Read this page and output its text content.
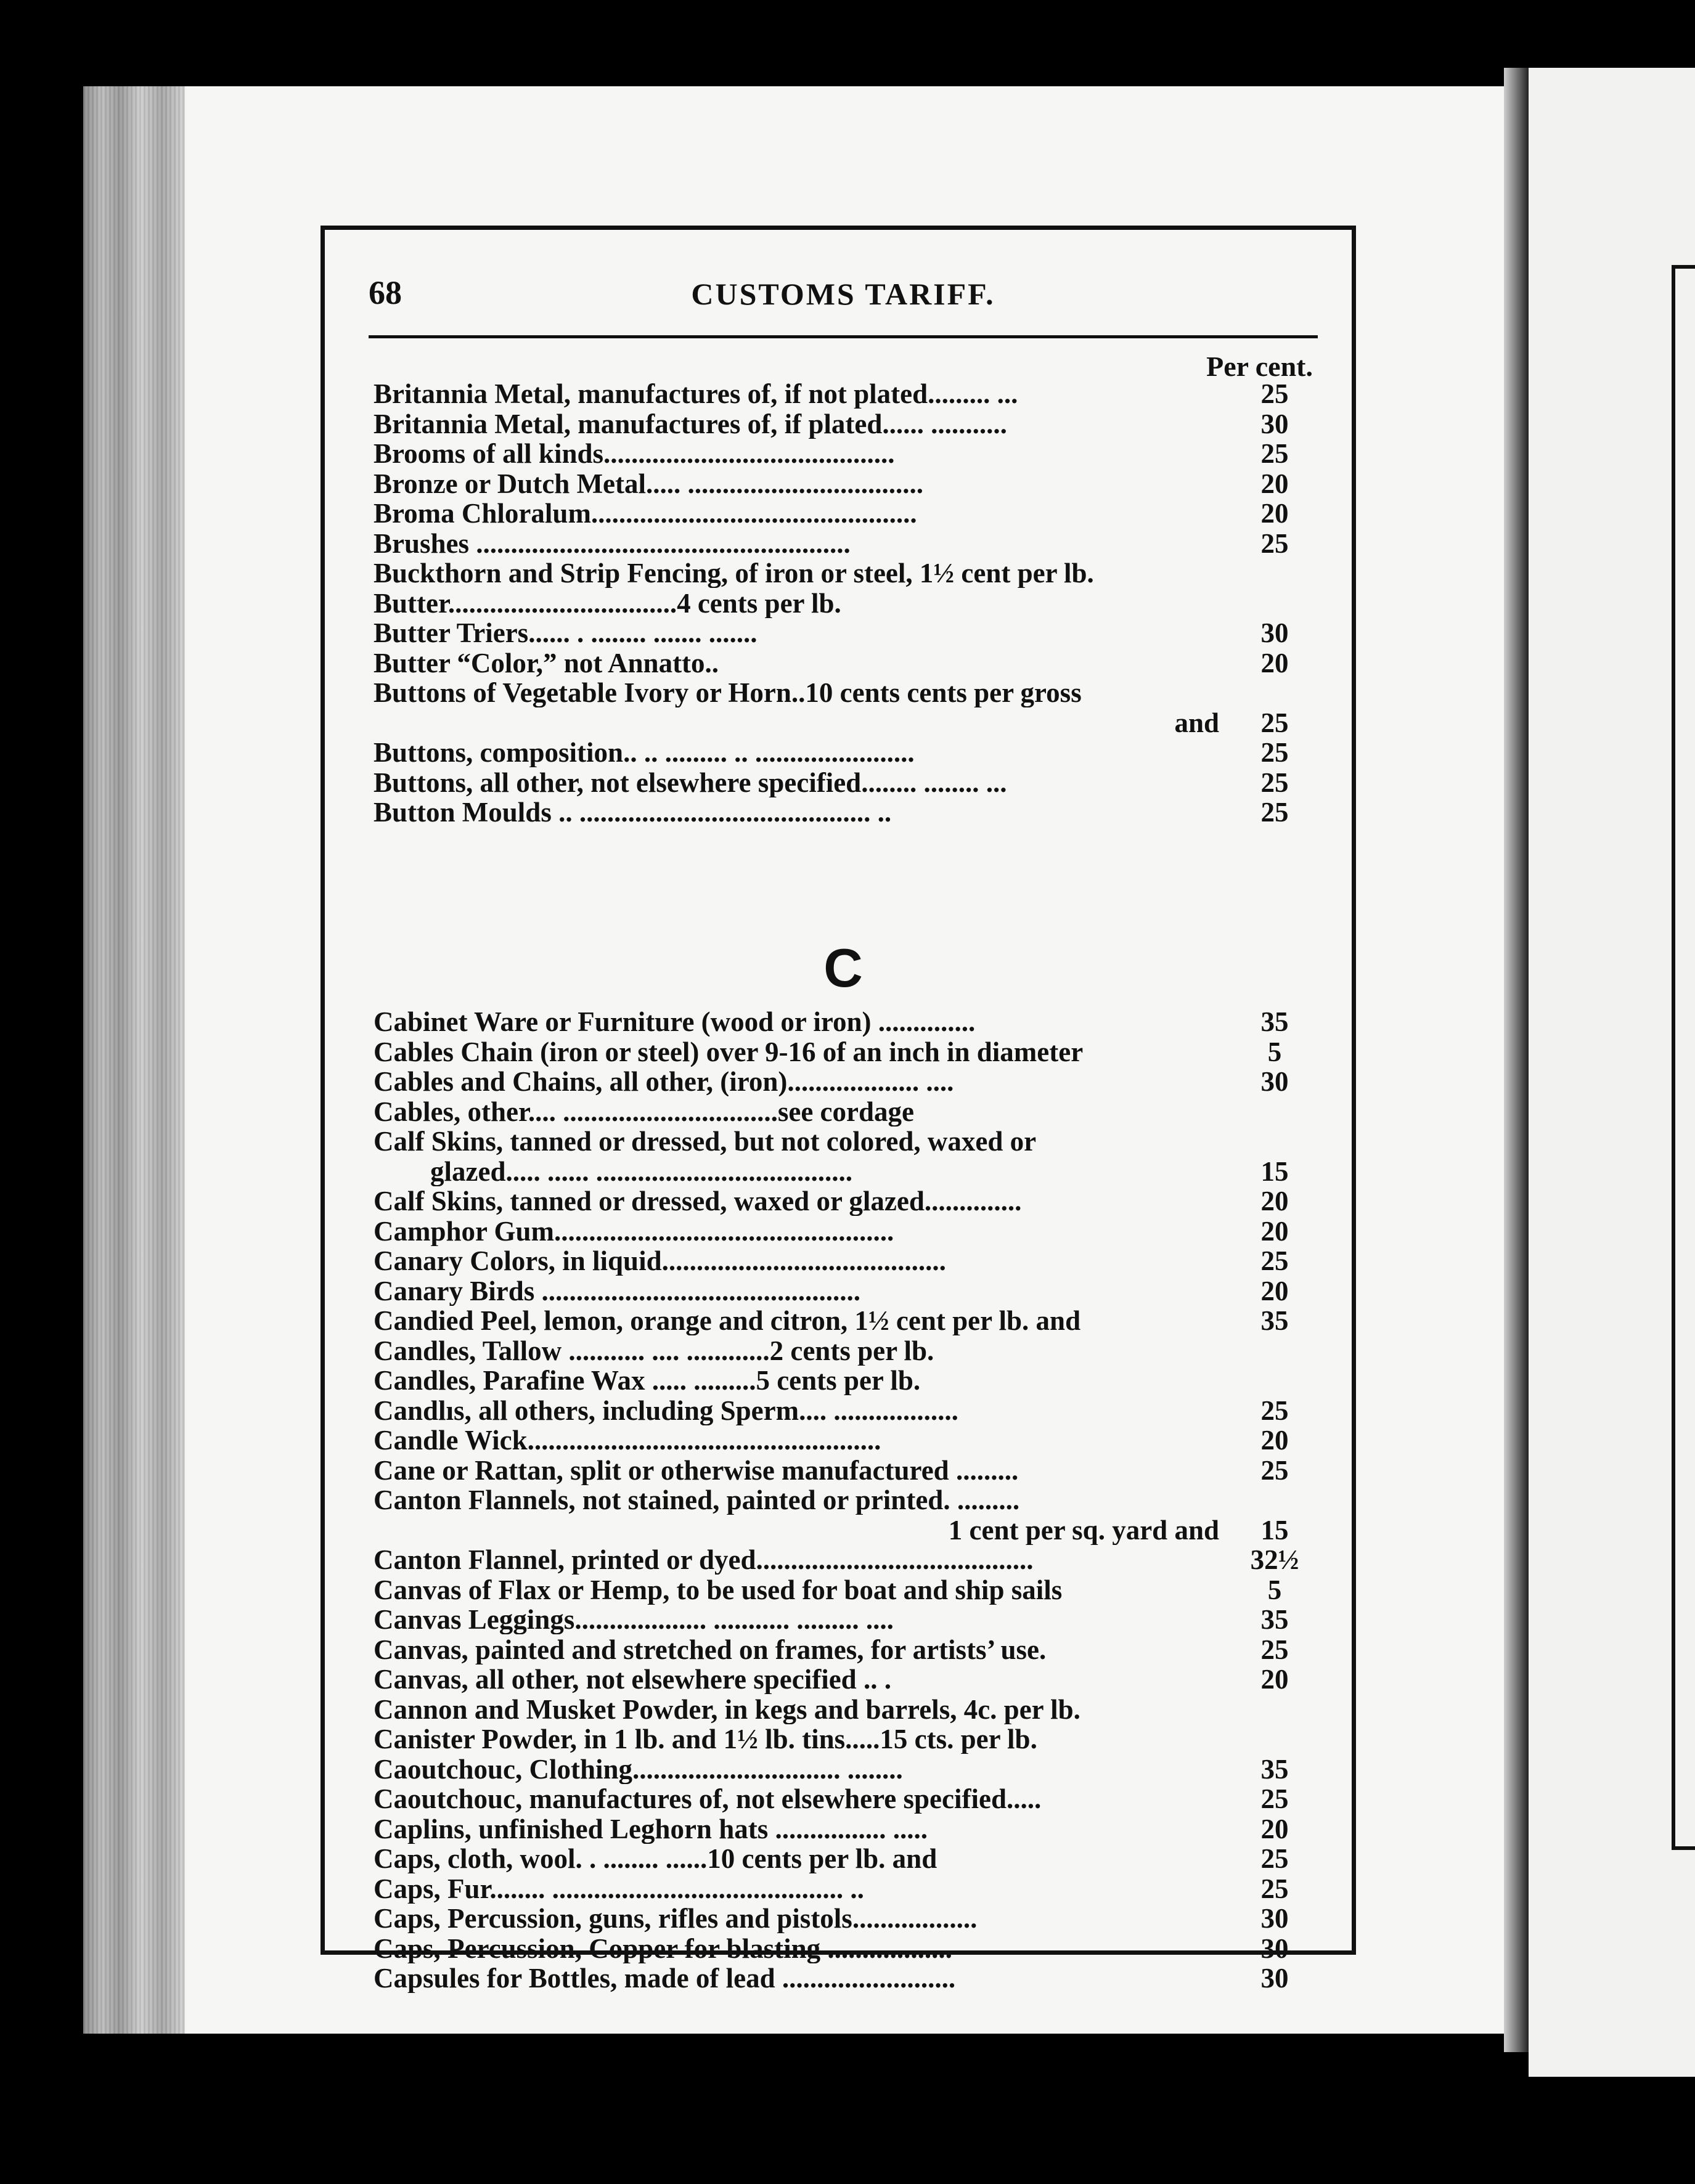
68	CUSTOMS TARIFF.
Per cent.
Britannia Metal, manufactures of, if not plated......... ...	25
Britannia Metal, manufactures of, if plated...... ...........	30
Brooms of all kinds..........................................	25
Bronze or Dutch Metal..... ..................................	20
Broma Chloralum...............................................	20
Brushes ......................................................	25
Buckthorn and Strip Fencing, of iron or steel, 1½ cent per lb.
Butter.................................4 cents per lb.
Butter Triers...... . ........ ....... .......	30
Butter “Color,” not Annatto..	20
Buttons of Vegetable Ivory or Horn..10 cents cents per gross
and	25
Buttons, composition.. .. ......... .. .......................	25
Buttons, all other, not elsewhere specified........ ........ ...	25
Button Moulds .. .......................................... ..	25
C
Cabinet Ware or Furniture (wood or iron) ..............	35
Cables Chain (iron or steel) over 9-16 of an inch in diameter	5
Cables and Chains, all other, (iron)................... ....	30
Cables, other.... ...............................see cordage
Calf Skins, tanned or dressed, but not colored, waxed or
glazed..... ...... .....................................	15
Calf Skins, tanned or dressed, waxed or glazed..............	20
Camphor Gum.................................................	20
Canary Colors, in liquid.........................................	25
Canary Birds ..............................................	20
Candied Peel, lemon, orange and citron, 1½ cent per lb. and	35
Candles, Tallow ........... .... ............2 cents per lb.
Candles, Parafine Wax ..... .........5 cents per lb.
Candlıs, all others, including Sperm.... ..................	25
Candle Wick...................................................	20
Cane or Rattan, split or otherwise manufactured .........	25
Canton Flannels, not stained, painted or printed. .........
1 cent per sq. yard and	15
Canton Flannel, printed or dyed........................................	32½
Canvas of Flax or Hemp, to be used for boat and ship sails	5
Canvas Leggings................... ........... ......... ....	35
Canvas, painted and stretched on frames, for artists’ use.	25
Canvas, all other, not elsewhere specified .. .	20
Cannon and Musket Powder, in kegs and barrels, 4c. per lb.
Canister Powder, in 1 lb. and 1½ lb. tins.....15 cts. per lb.
Caoutchouc, Clothing.............................. ........	35
Caoutchouc, manufactures of, not elsewhere specified.....	25
Caplins, unfinished Leghorn hats ................ .....	20
Caps, cloth, wool. . ........ ......10 cents per lb. and	25
Caps, Fur........ .......................................... ..	25
Caps, Percussion, guns, rifles and pistols..................	30
Caps, Percussion, Copper for blasting ..................	30
Capsules for Bottles, made of lead .........................	30
